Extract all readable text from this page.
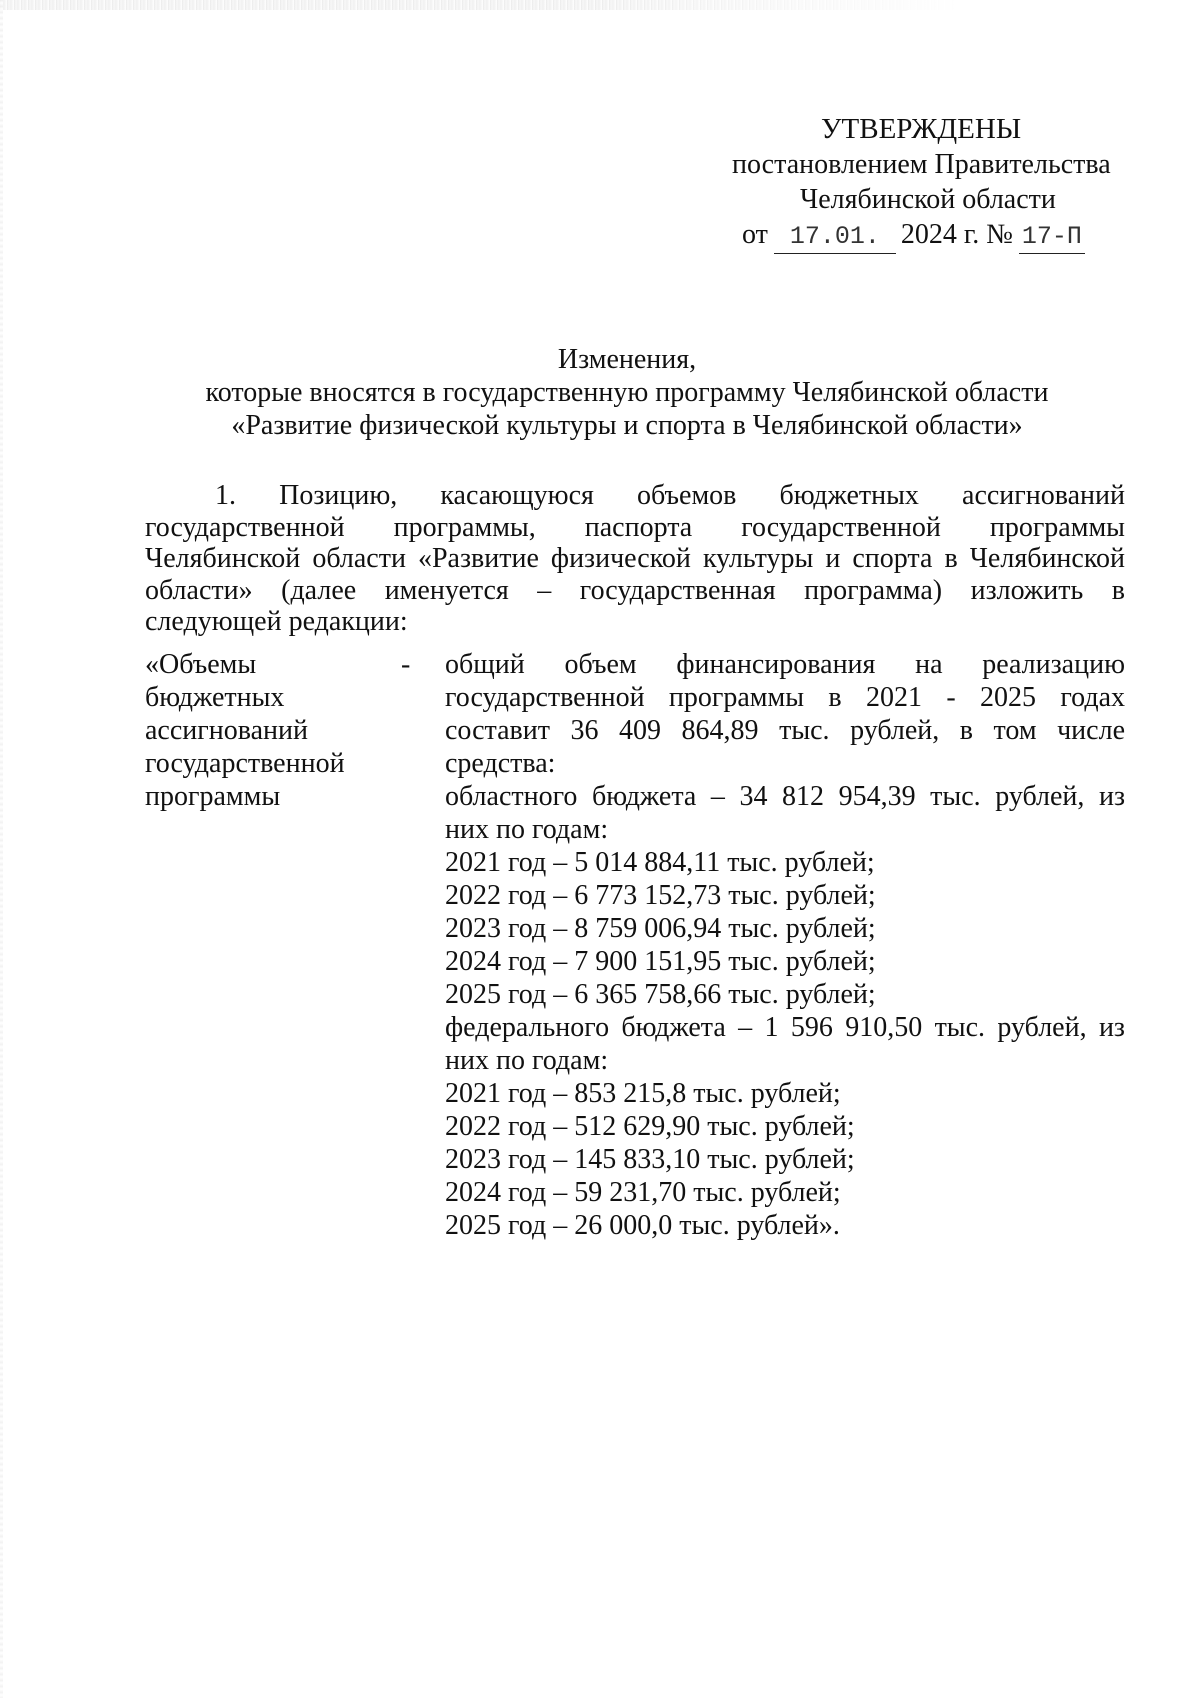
УТВЕРЖДЕНЫ
постановлением Правительства
Челябинской области
от 17.01. 2024 г. № 17-П
Изменения,
которые вносятся в государственную программу Челябинской области
«Развитие физической культуры и спорта в Челябинской области»
1. Позицию, касающуюся объемов бюджетных ассигнований
государственной программы, паспорта государственной программы
Челябинской области «Развитие физической культуры и спорта в Челябинской
области» (далее именуется – государственная программа) изложить в
следующей редакции:
«Объемы
бюджетных
ассигнований
государственной
программы
-	общий объем финансирования на реализацию
государственной программы в 2021 - 2025 годах
составит 36 409 864,89 тыс. рублей, в том числе
средства:
областного бюджета – 34 812 954,39 тыс. рублей, из
них по годам:
2021 год – 5 014 884,11 тыс. рублей;
2022 год – 6 773 152,73 тыс. рублей;
2023 год – 8 759 006,94 тыс. рублей;
2024 год – 7 900 151,95 тыс. рублей;
2025 год – 6 365 758,66 тыс. рублей;
федерального бюджета – 1 596 910,50 тыс. рублей, из
них по годам:
2021 год – 853 215,8 тыс. рублей;
2022 год – 512 629,90 тыс. рублей;
2023 год – 145 833,10 тыс. рублей;
2024 год – 59 231,70 тыс. рублей;
2025 год – 26 000,0 тыс. рублей».
